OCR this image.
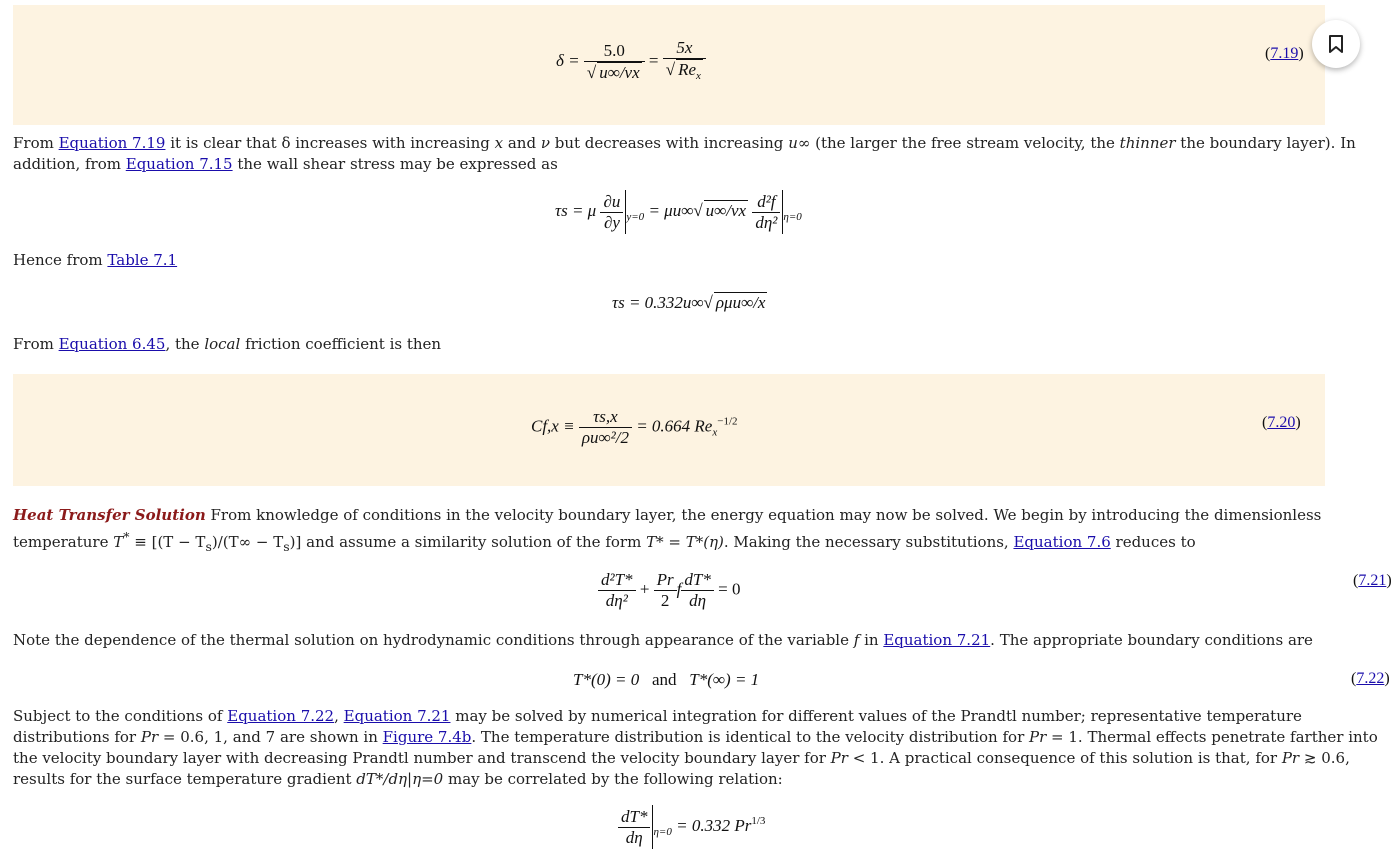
$\delta = \frac{5.0}{√ u\infty/\nu x} = \frac{5x}{√ Re_x}$	(7.19)
From Equation 7.19 it is clear that δ increases with increasing x and ν but decreases with increasing u∞ (the larger the free stream velocity, the thinner the boundary layer). In addition, from Equation 7.15 the wall shear stress may be expressed as
τs = μ $\frac{\partial u}{\partial y} _{y=0} = \mu u\infty√$ $u\infty/\nu x \frac{\text{d²f}}{\text{dη²}} _{\eta=0}$
Hence from Table 7.1
τs = 0.332u∞√ ρμu∞/x
From Equation 6.45, the local friction coefficient is then
$Cf,x \equiv \frac{\tau s,x}{\text{ρu∞²/2}} = 0.664$ $Re_x^{-1/2}$	(7.20)
Heat Transfer Solution From knowledge of conditions in the velocity boundary layer, the energy equation may now be solved. We begin by introducing the dimensionless temperature $T^* \equiv [(T - T_s)/(T\infty - T_s)]$ and assume a similarity solution of the form T* = T*(η). Making the necessary substitutions, Equation 7.6 reduces to
$\frac{\text{d²T*}}{\text{dη²}} + \frac{Pr}{2}$ f $\frac{dT*}{d\eta} = 0$	(7.21)
Note the dependence of the thermal solution on hydrodynamic conditions through appearance of the variable f in Equation 7.21. The appropriate boundary conditions are
T*(0) = 0 and T*(∞) = 1	(7.22)
Subject to the conditions of Equation 7.22, Equation 7.21 may be solved by numerical integration for different values of the Prandtl number; representative temperature distributions for Pr = 0.6, 1, and 7 are shown in Figure 7.4b. The temperature distribution is identical to the velocity distribution for Pr = 1. Thermal effects penetrate farther into the velocity boundary layer with decreasing Prandtl number and transcend the velocity boundary layer for Pr < 1. A practical consequence of this solution is that, for Pr ≳ 0.6, results for the surface temperature gradient dT*/dη|η=0 may be correlated by the following relation:
$\frac{dT*}{d\eta} _{\eta=0} = 0.332$ $Pr^{1/3}$
